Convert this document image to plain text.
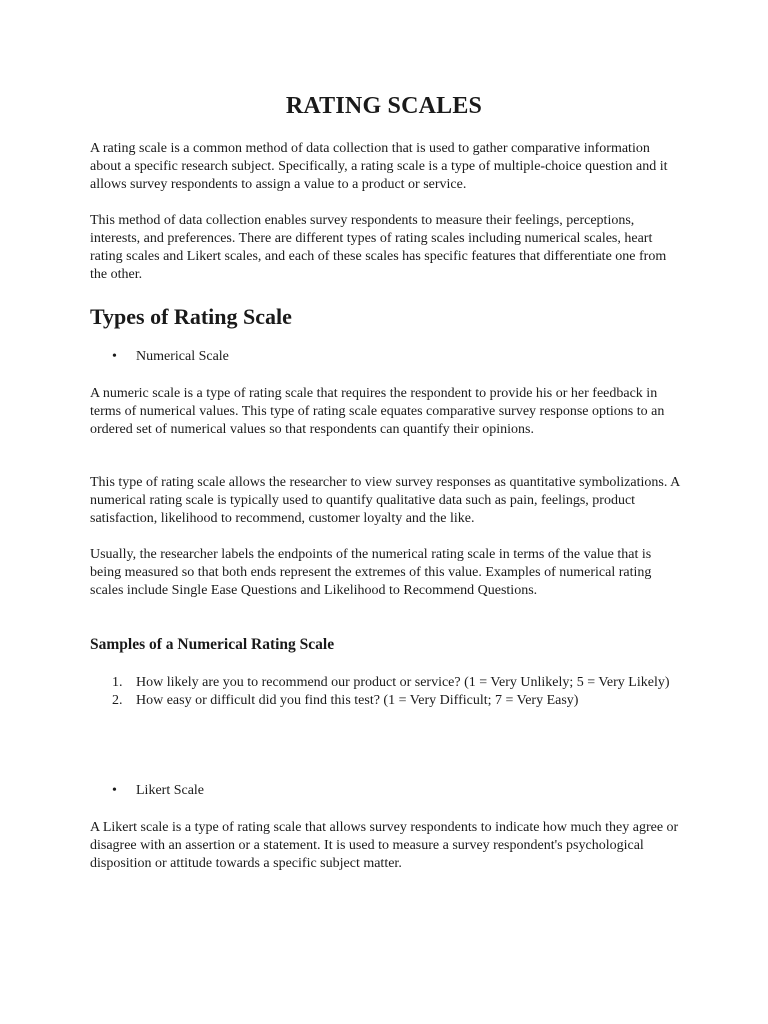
RATING SCALES

A rating scale is a common method of data collection that is used to gather comparative information about a specific research subject. Specifically, a rating scale is a type of multiple-choice question and it allows survey respondents to assign a value to a product or service.

This method of data collection enables survey respondents to measure their feelings, perceptions, interests, and preferences. There are different types of rating scales including numerical scales, heart rating scales and Likert scales, and each of these scales has specific features that differentiate one from the other.

Types of Rating Scale
•	Numerical Scale

A numeric scale is a type of rating scale that requires the respondent to provide his or her feedback in terms of numerical values. This type of rating scale equates comparative survey response options to an ordered set of numerical values so that respondents can quantify their opinions.

This type of rating scale allows the researcher to view survey responses as quantitative symbolizations. A numerical rating scale is typically used to quantify qualitative data such as pain, feelings, product satisfaction, likelihood to recommend, customer loyalty and the like.

Usually, the researcher labels the endpoints of the numerical rating scale in terms of the value that is being measured so that both ends represent the extremes of this value. Examples of numerical rating scales include Single Ease Questions and Likelihood to Recommend Questions.

Samples of a Numerical Rating Scale
1. How likely are you to recommend our product or service? (1 = Very Unlikely; 5 = Very Likely)
2. How easy or difficult did you find this test? (1 = Very Difficult; 7 = Very Easy)
•	Likert Scale

A Likert scale is a type of rating scale that allows survey respondents to indicate how much they agree or disagree with an assertion or a statement. It is used to measure a survey respondent's psychological disposition or attitude towards a specific subject matter.
